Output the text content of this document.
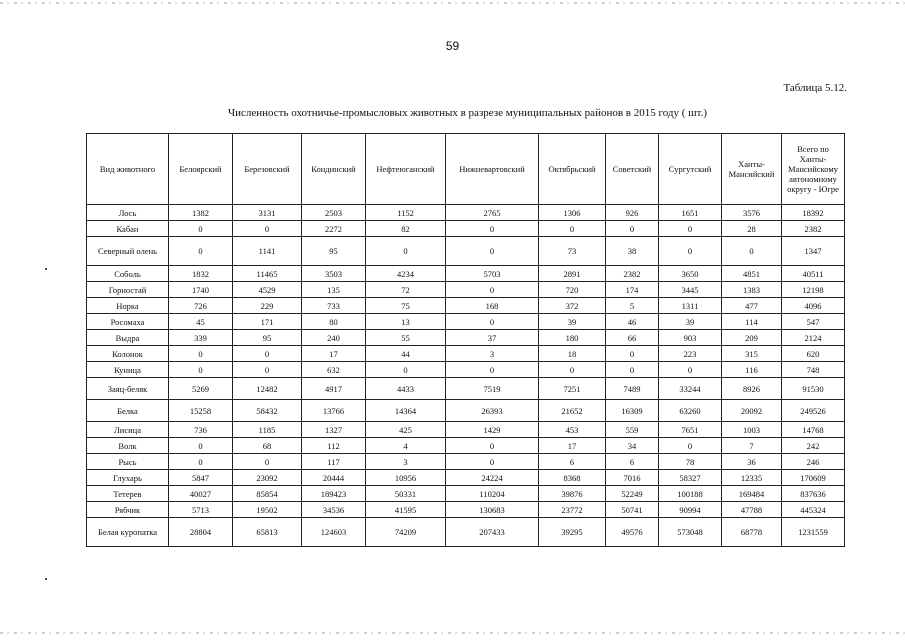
59
Таблица 5.12.
Численность охотничье-промысловых животных в разрезе муниципальных районов в 2015 году ( шт.)
Вид животного	Белоярский	Березовский	Кондинский	Нефтеюганский	Нижневартовский	Октябрьский	Советский	Сургутский	Ханты-Мансийский	Всего по Ханты-Мансийскому автономному округу - Югре
Лось	1382	3131	2503	1152	2765	1306	926	1651	3576	18392
Кабан	0	0	2272	82	0	0	0	0	28	2382
Северный олень	0	1141	95	0	0	73	38	0	0	1347
Соболь	1832	11465	3503	4234	5703	2891	2382	3650	4851	40511
Горностай	1740	4529	135	72	0	720	174	3445	1383	12198
Норка	726	229	733	75	168	372	5	1311	477	4096
Росомаха	45	171	80	13	0	39	46	39	114	547
Выдра	339	95	240	55	37	180	66	903	209	2124
Колонок	0	0	17	44	3	18	0	223	315	620
Куница	0	0	632	0	0	0	0	0	116	748
Заяц-беляк	5269	12482	4917	4433	7519	7251	7489	33244	8926	91530
Белка	15258	58432	13766	14364	26393	21652	16309	63260	20092	249526
Лисица	736	1185	1327	425	1429	453	559	7651	1003	14768
Волк	0	68	112	4	0	17	34	0	7	242
Рысь	0	0	117	3	0	6	6	78	36	246
Глухарь	5847	23092	20444	10956	24224	8368	7016	58327	12335	170609
Тетерев	40027	85854	189423	50331	110204	39876	52249	100188	169484	837636
Рябчик	5713	19502	34536	41595	130683	23772	50741	90994	47788	445324
Белая куропатка	28804	65813	124603	74209	207433	39295	49576	573048	68778	1231559
